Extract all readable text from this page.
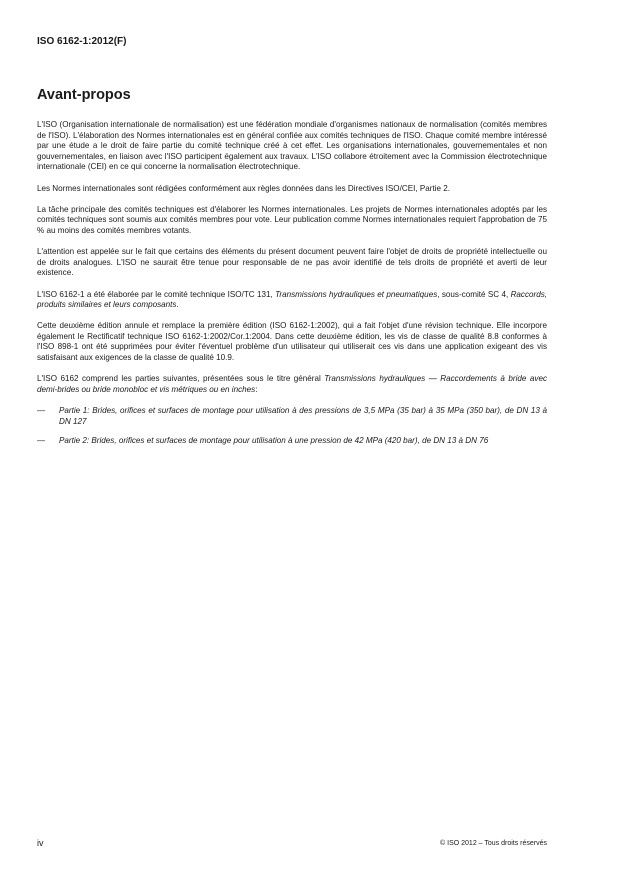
ISO 6162-1:2012(F)
Avant-propos

L'ISO (Organisation internationale de normalisation) est une fédération mondiale d'organismes nationaux de normalisation (comités membres de l'ISO). L'élaboration des Normes internationales est en général confiée aux comités techniques de l'ISO. Chaque comité membre intéressé par une étude a le droit de faire partie du comité technique créé à cet effet. Les organisations internationales, gouvernementales et non gouvernementales, en liaison avec l'ISO participent également aux travaux. L'ISO collabore étroitement avec la Commission électrotechnique internationale (CEI) en ce qui concerne la normalisation électrotechnique.

Les Normes internationales sont rédigées conformément aux règles données dans les Directives ISO/CEI, Partie 2.

La tâche principale des comités techniques est d'élaborer les Normes internationales. Les projets de Normes internationales adoptés par les comités techniques sont soumis aux comités membres pour vote. Leur publication comme Normes internationales requiert l'approbation de 75 % au moins des comités membres votants.

L'attention est appelée sur le fait que certains des éléments du présent document peuvent faire l'objet de droits de propriété intellectuelle ou de droits analogues. L'ISO ne saurait être tenue pour responsable de ne pas avoir identifié de tels droits de propriété et averti de leur existence.

L'ISO 6162-1 a été élaborée par le comité technique ISO/TC 131, Transmissions hydrauliques et pneumatiques, sous-comité SC 4, Raccords, produits similaires et leurs composants.

Cette deuxième édition annule et remplace la première édition (ISO 6162-1:2002), qui a fait l'objet d'une révision technique. Elle incorpore également le Rectificatif technique ISO 6162-1:2002/Cor.1:2004. Dans cette deuxième édition, les vis de classe de qualité 8.8 conformes à l'ISO 898-1 ont été supprimées pour éviter l'éventuel problème d'un utilisateur qui utiliserait ces vis dans une application exigeant des vis satisfaisant aux exigences de la classe de qualité 10.9.

L'ISO 6162 comprend les parties suivantes, présentées sous le titre général Transmissions hydrauliques — Raccordements à bride avec demi-brides ou bride monobloc et vis métriques ou en inches:

—	Partie 1: Brides, orifices et surfaces de montage pour utilisation à des pressions de 3,5 MPa (35 bar) à 35 MPa (350 bar), de DN 13 à DN 127
—	Partie 2: Brides, orifices et surfaces de montage pour utilisation à une pression de 42 MPa (420 bar), de DN 13 à DN 76
iv	© ISO 2012 – Tous droits réservés
